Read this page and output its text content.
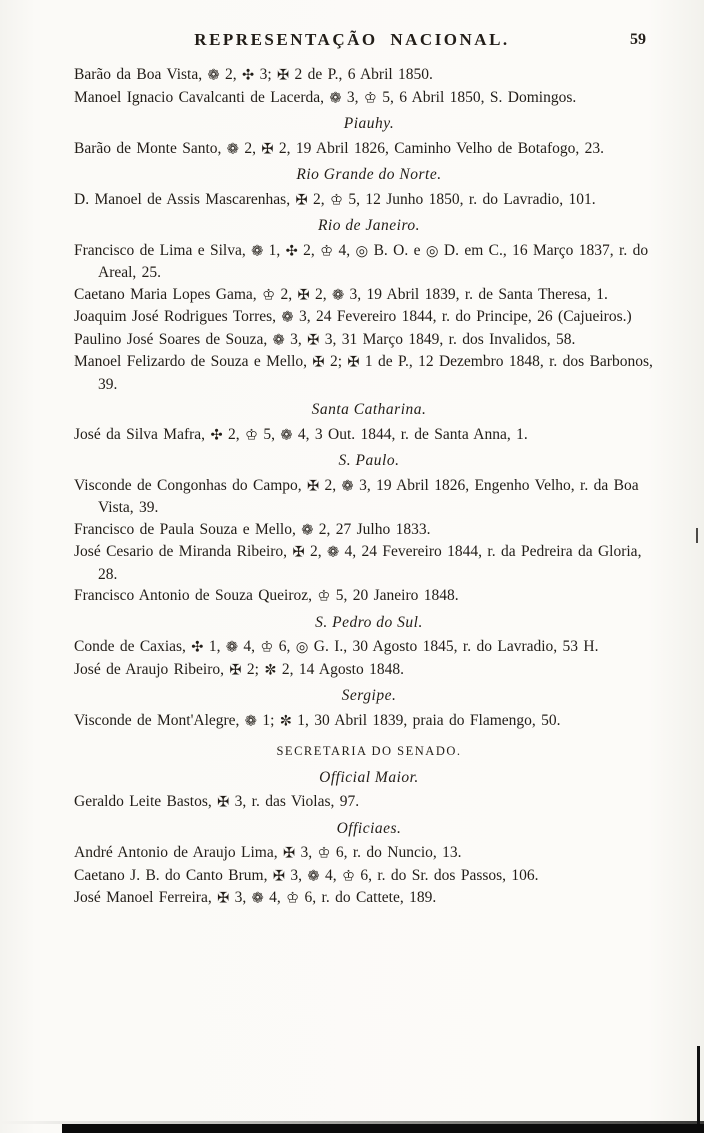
REPRESENTAÇÃO NACIONAL.	59

Barão da Boa Vista, ❁ 2, ✣ 3; ✠ 2 de P., 6 Abril 1850.

Manoel Ignacio Cavalcanti de Lacerda, ❁ 3, ♔ 5, 6 Abril 1850, S. Domingos.

Piauhy.

Barão de Monte Santo, ❁ 2, ✠ 2, 19 Abril 1826, Caminho Velho de Botafogo, 23.

Rio Grande do Norte.

D. Manoel de Assis Mascarenhas, ✠ 2, ♔ 5, 12 Junho 1850, r. do Lavradio, 101.

Rio de Janeiro.

Francisco de Lima e Silva, ❁ 1, ✣ 2, ♔ 4, ◎ B. O. e ◎ D. em C., 16 Março 1837, r. do Areal, 25.

Caetano Maria Lopes Gama, ♔ 2, ✠ 2, ❁ 3, 19 Abril 1839, r. de Santa Theresa, 1.

Joaquim José Rodrigues Torres, ❁ 3, 24 Fevereiro 1844, r. do Principe, 26 (Cajueiros.)

Paulino José Soares de Souza, ❁ 3, ✠ 3, 31 Março 1849, r. dos Invalidos, 58.

Manoel Felizardo de Souza e Mello, ✠ 2; ✠ 1 de P., 12 Dezembro 1848, r. dos Barbonos, 39.

Santa Catharina.

José da Silva Mafra, ✣ 2, ♔ 5, ❁ 4, 3 Out. 1844, r. de Santa Anna, 1.

S. Paulo.

Visconde de Congonhas do Campo, ✠ 2, ❁ 3, 19 Abril 1826, Engenho Velho, r. da Boa Vista, 39.

Francisco de Paula Souza e Mello, ❁ 2, 27 Julho 1833.

José Cesario de Miranda Ribeiro, ✠ 2, ❁ 4, 24 Fevereiro 1844, r. da Pedreira da Gloria, 28.

Francisco Antonio de Souza Queiroz, ♔ 5, 20 Janeiro 1848.

S. Pedro do Sul.

Conde de Caxias, ✣ 1, ❁ 4, ♔ 6, ◎ G. I., 30 Agosto 1845, r. do Lavradio, 53 H.

José de Araujo Ribeiro, ✠ 2; ✼ 2, 14 Agosto 1848.

Sergipe.

Visconde de Mont'Alegre, ❁ 1; ✼ 1, 30 Abril 1839, praia do Flamengo, 50.

SECRETARIA DO SENADO.
Official Maior.

Geraldo Leite Bastos, ✠ 3, r. das Violas, 97.

Officiaes.

André Antonio de Araujo Lima, ✠ 3, ♔ 6, r. do Nuncio, 13.

Caetano J. B. do Canto Brum, ✠ 3, ❁ 4, ♔ 6, r. do Sr. dos Passos, 106.

José Manoel Ferreira, ✠ 3, ❁ 4, ♔ 6, r. do Cattete, 189.
